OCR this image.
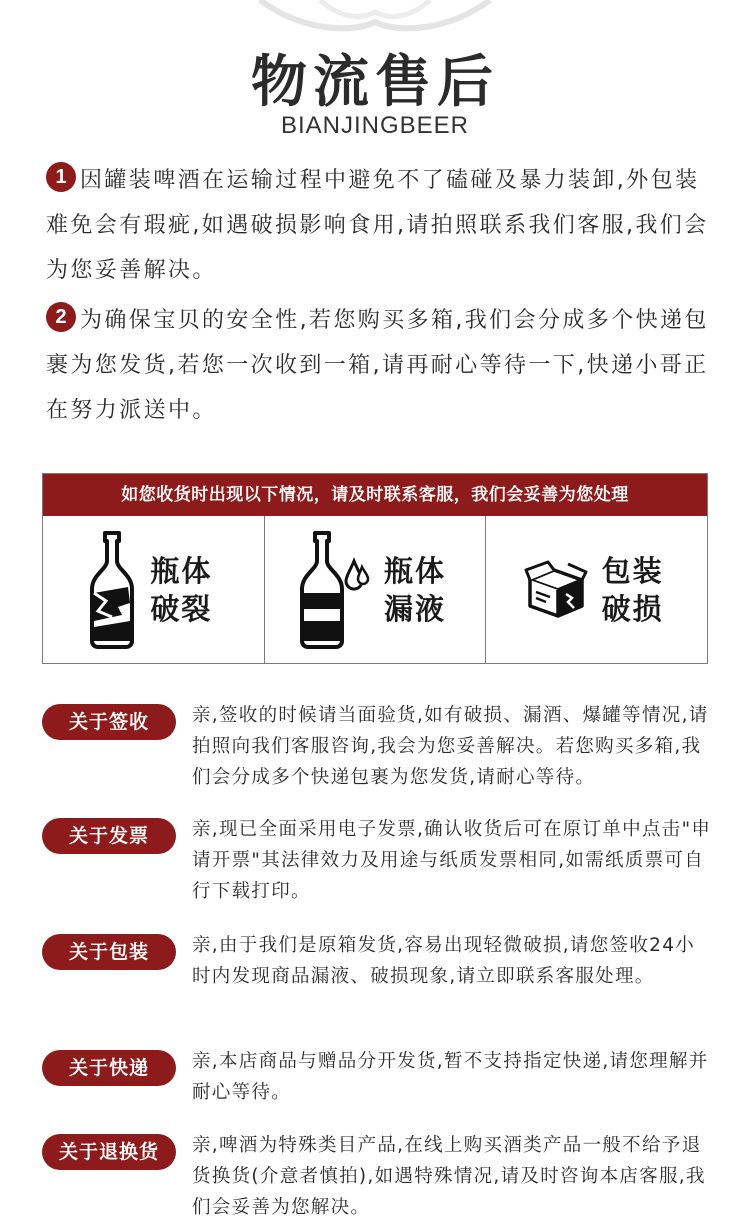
物流售后
BIANJINGBEER
1 因罐装啤酒在运输过程中避免不了磕碰及暴力装卸,外包装难免会有瑕疵,如遇破损影响食用,请拍照联系我们客服,我们会为您妥善解决。

2 为确保宝贝的安全性,若您购买多箱,我们会分成多个快递包裹为您发货,若您一次收到一箱,请再耐心等待一下,快递小哥正在努力派送中。

如您收货时出现以下情况，请及时联系客服，我们会妥善为您处理
瓶体破裂
瓶体漏液
包装破损
关于签收	亲,签收的时候请当面验货,如有破损、漏酒、爆罐等情况,请拍照向我们客服咨询,我会为您妥善解决。若您购买多箱,我们会分成多个快递包裹为您发货,请耐心等待。

关于发票	亲,现已全面采用电子发票,确认收货后可在原订单中点击"申请开票"其法律效力及用途与纸质发票相同,如需纸质票可自行下载打印。

关于包装	亲,由于我们是原箱发货,容易出现轻微破损,请您签收24小时内发现商品漏液、破损现象,请立即联系客服处理。

关于快递	亲,本店商品与赠品分开发货,暂不支持指定快递,请您理解并耐心等待。

关于退换货	亲,啤酒为特殊类目产品,在线上购买酒类产品一般不给予退货换货(介意者慎拍),如遇特殊情况,请及时咨询本店客服,我们会妥善为您解决。
